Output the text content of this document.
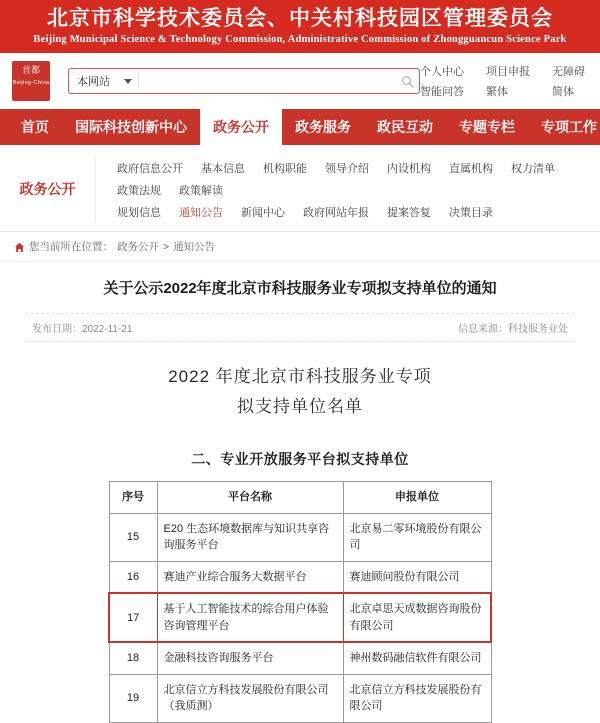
北京市科学技术委员会、中关村科技园区管理委员会
Beijing Municipal Science & Technology Commission, Administrative Commission of Zhongguancun Science Park
首都
Beijing·China	本网站
个人中心 项目申报 无障碍
智能问答 繁体	简体
首页	国际科技创新中心	政务公开	政务服务	政民互动	专题专栏	专项工作
政务公开
政府信息公开	基本信息	机构职能	领导介绍	内设机构	直属机构	权力清单
政策法规	政策解读
规划信息	通知公告	新闻中心	政府网站年报	提案答复	决策目录
您当前所在位置： 政务公开 > 通知公告
关于公示2022年度北京市科技服务业专项拟支持单位的通知
发布日期：2022-11-21	信息来源：科技服务业处
2022 年度北京市科技服务业专项
拟支持单位名单
二、专业开放服务平台拟支持单位
序号	平台名称	申报单位
15	E20 生态环境数据库与知识共享咨询服务平台	北京易二零环境股份有限公司
16	赛迪产业综合服务大数据平台	赛迪顾问股份有限公司
17	基于人工智能技术的综合用户体验咨询管理平台	北京卓思天成数据咨询股份有限公司
18	金融科技咨询服务平台	神州数码融信软件有限公司
19	北京信立方科技发展股份有限公司（我质测）	北京信立方科技发展股份有限公司
